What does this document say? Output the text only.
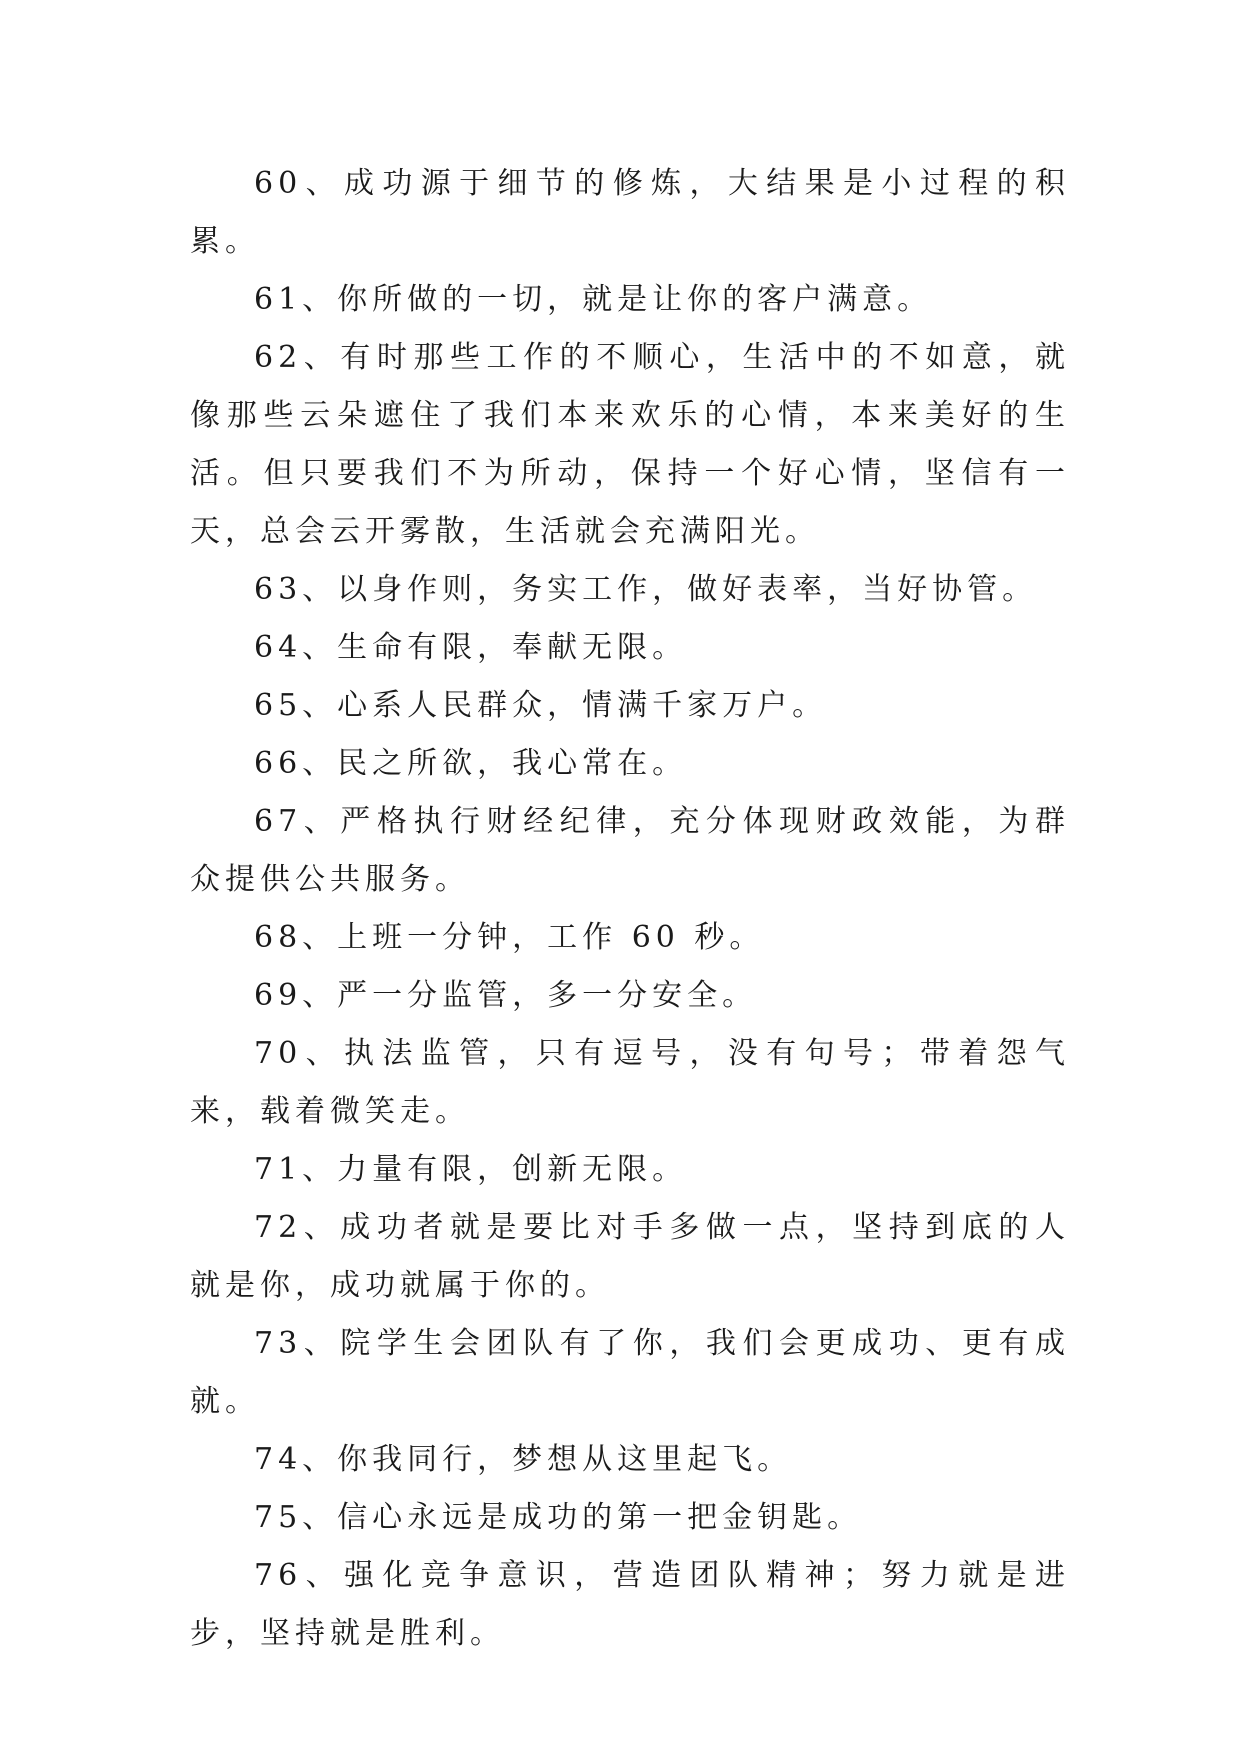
60、成功源于细节的修炼，大结果是小过程的积累。

61、你所做的一切，就是让你的客户满意。

62、有时那些工作的不顺心，生活中的不如意，就像那些云朵遮住了我们本来欢乐的心情，本来美好的生活。但只要我们不为所动，保持一个好心情，坚信有一天，总会云开雾散，生活就会充满阳光。

63、以身作则，务实工作，做好表率，当好协管。

64、生命有限，奉献无限。

65、心系人民群众，情满千家万户。

66、民之所欲，我心常在。

67、严格执行财经纪律，充分体现财政效能，为群众提供公共服务。

68、上班一分钟，工作 60 秒。

69、严一分监管，多一分安全。

70、执法监管，只有逗号，没有句号；带着怨气来，载着微笑走。

71、力量有限，创新无限。

72、成功者就是要比对手多做一点，坚持到底的人就是你，成功就属于你的。

73、院学生会团队有了你，我们会更成功、更有成就。

74、你我同行，梦想从这里起飞。

75、信心永远是成功的第一把金钥匙。

76、强化竞争意识，营造团队精神；努力就是进步，坚持就是胜利。
